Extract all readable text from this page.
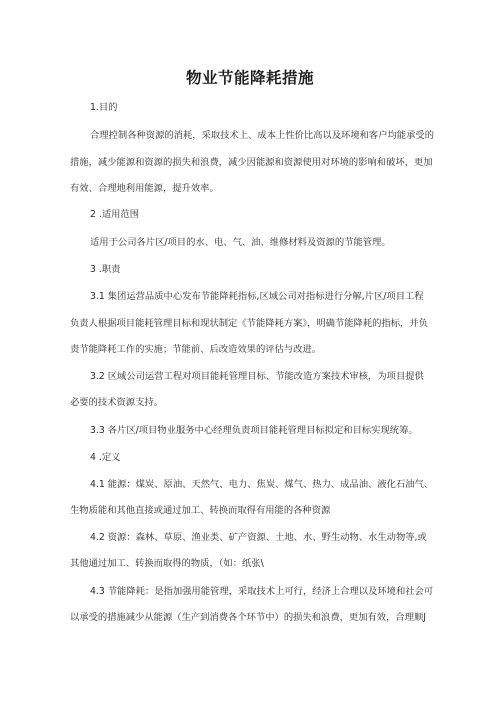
物业节能降耗措施
1.目的
合理控制各种资源的消耗，采取技术上、成本上性价比高以及环境和客户均能承受的
措施，减少能源和资源的损失和浪费，减少因能源和资源使用对环境的影响和破坏，更加
有效、合理地利用能源，提升效率。
2 .适用范围
适用于公司各片区/项目的水、电、气、油、维修材料及资源的节能管理。
3 .职责
3.1 集团运营品质中心发布节能降耗指标,区域公司对指标进行分解,片区/项目工程
负责人根据项目能耗管理目标和现状制定《节能降耗方案》，明确节能降耗的指标，并负
责节能降耗工作的实施；节能前、后改造效果的评估与改进。
3.2 区域公司运营工程对项目能耗管理目标、节能改造方案技术审核，为项目提供
必要的技术资源支持。
3.3 各片区/项目物业服务中心经理负责项目能耗管理目标拟定和目标实现统筹。
4 .定义
4.1 能源：煤炭、原油、天然气、电力、焦炭、煤气、热力、成品油、液化石油气、
生物质能和其他直接或通过加工、转换而取得有用能的各种资源
4.2 资源：森林、草原、渔业类、矿产资源、土地、水、野生动物、水生动物等,或
其他通过加工、转换而取得的物质，（如：纸张\
4.3 节能降耗：是指加强用能管理，采取技术上可行，经济上合理以及环境和社会可
以承受的措施减少从能源（生产到消费各个环节中）的损失和浪费，更加有效，合理顺J
